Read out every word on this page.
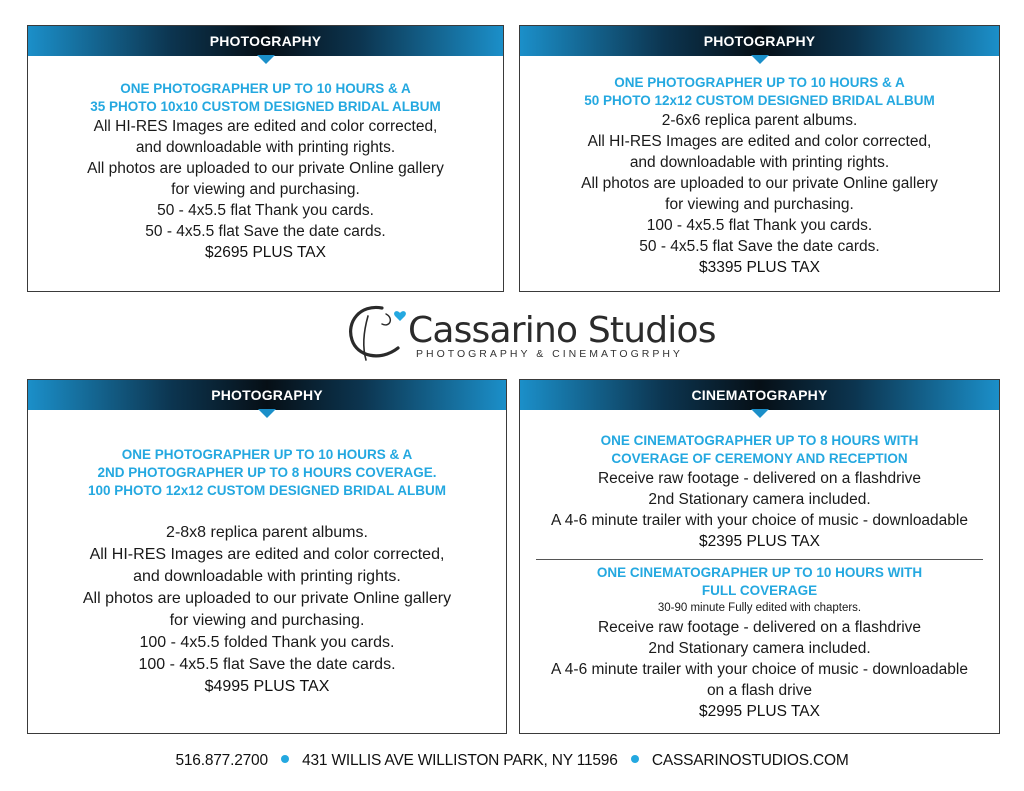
PHOTOGRAPHY

ONE PHOTOGRAPHER UP TO 10 HOURS & A

35 PHOTO 10x10 CUSTOM DESIGNED BRIDAL ALBUM

All HI-RES Images are edited and color corrected,

and downloadable with printing rights.

All photos are uploaded to our private Online gallery

for viewing and purchasing.

50 - 4x5.5 flat Thank you cards.

50 - 4x5.5 flat Save the date cards.

$2695 PLUS TAX

PHOTOGRAPHY

ONE PHOTOGRAPHER UP TO 10 HOURS & A

50 PHOTO 12x12 CUSTOM DESIGNED BRIDAL ALBUM

2-6x6 replica parent albums.

All HI-RES Images are edited and color corrected,

and downloadable with printing rights.

All photos are uploaded to our private Online gallery

for viewing and purchasing.

100 - 4x5.5 flat Thank you cards.

50 - 4x5.5 flat Save the date cards.

$3395 PLUS TAX

Cassarino Studios
PHOTOGRAPHY & CINEMATOGRPHY
PHOTOGRAPHY

ONE PHOTOGRAPHER UP TO 10 HOURS & A

2ND PHOTOGRAPHER UP TO 8 HOURS COVERAGE.

100 PHOTO 12x12 CUSTOM DESIGNED BRIDAL ALBUM

2-8x8 replica parent albums.

All HI-RES Images are edited and color corrected,

and downloadable with printing rights.

All photos are uploaded to our private Online gallery

for viewing and purchasing.

100 - 4x5.5 folded Thank you cards.

100 - 4x5.5 flat Save the date cards.

$4995 PLUS TAX

CINEMATOGRAPHY

ONE CINEMATOGRAPHER UP TO 8 HOURS WITH

COVERAGE OF CEREMONY AND RECEPTION

Receive raw footage - delivered on a flashdrive

2nd Stationary camera included.

A 4-6 minute trailer with your choice of music - downloadable

$2395 PLUS TAX

ONE CINEMATOGRAPHER UP TO 10 HOURS WITH

FULL COVERAGE

30-90 minute Fully edited with chapters.

Receive raw footage - delivered on a flashdrive

2nd Stationary camera included.

A 4-6 minute trailer with your choice of music - downloadable

on a flash drive

$2995 PLUS TAX

516.877.2700 431 WILLIS AVE WILLISTON PARK, NY 11596 CASSARINOSTUDIOS.COM
